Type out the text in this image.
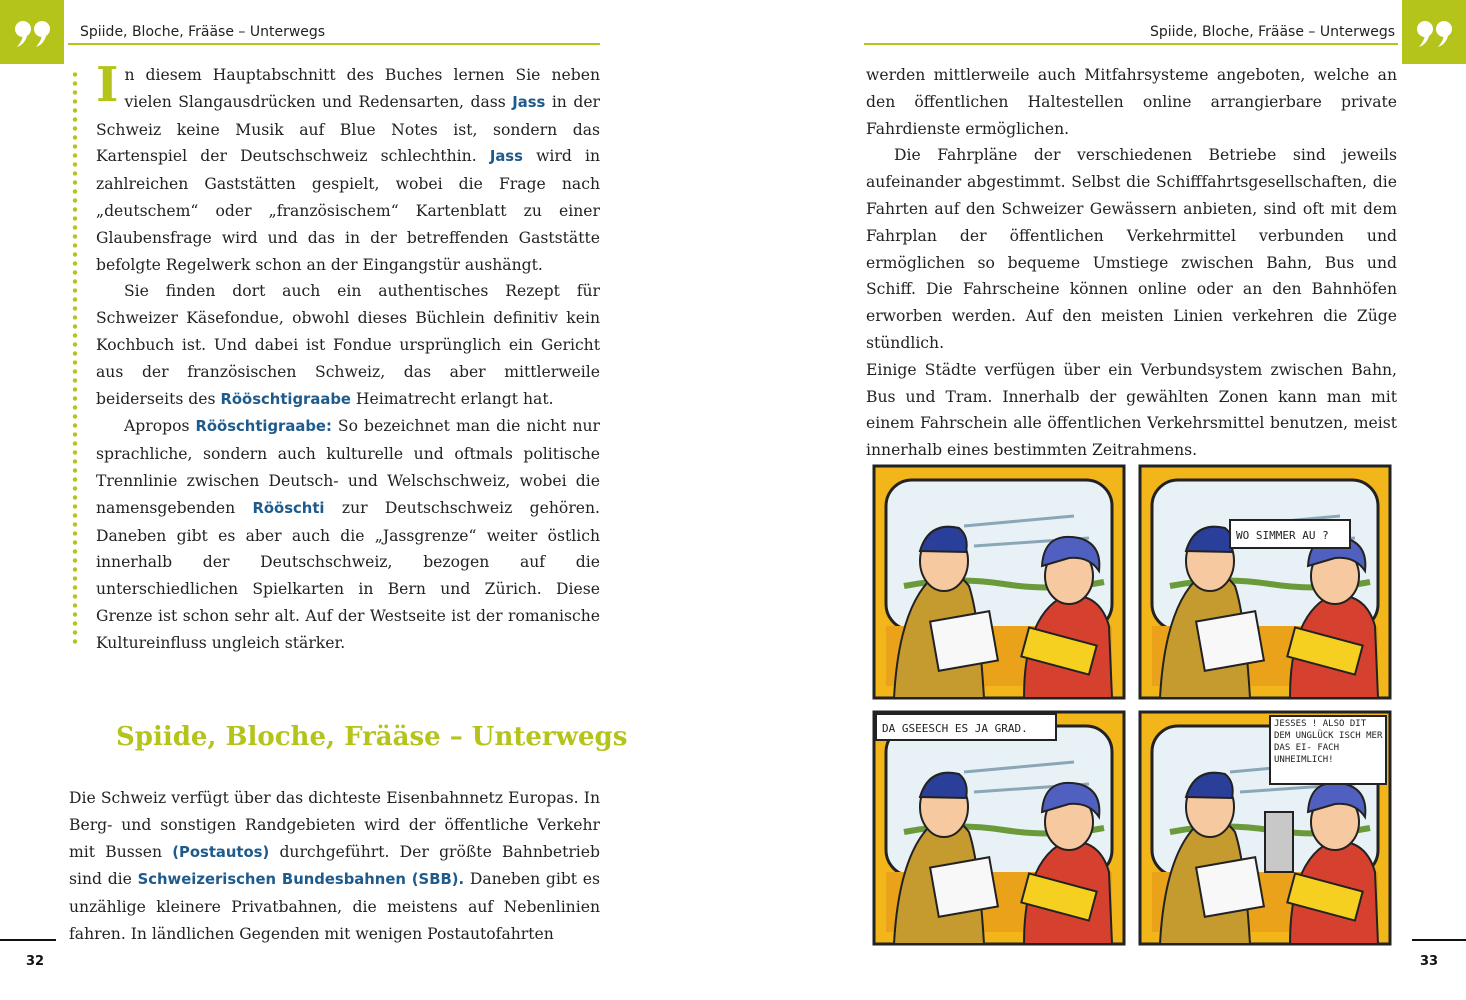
Spiide, Bloche, Frääse – Unterwegs	Spiide, Bloche, Frääse – Unterwegs

In diesem Hauptabschnitt des Buches lernen Sie neben vielen Slangausdrücken und Redensarten, dass Jass in der Schweiz keine Musik auf Blue Notes ist, sondern das Kartenspiel der Deutschschweiz schlechthin. Jass wird in zahlreichen Gaststätten gespielt, wobei die Frage nach „deutschem“ oder „französischem“ Kartenblatt zu einer Glaubensfrage wird und das in der betreffenden Gaststätte befolgte Regelwerk schon an der Eingangstür aushängt.

Sie finden dort auch ein authentisches Rezept für Schweizer Käsefondue, obwohl dieses Büchlein definitiv kein Kochbuch ist. Und dabei ist Fondue ursprünglich ein Gericht aus der französischen Schweiz, das aber mittlerweile beiderseits des Rööschtigraabe Heimatrecht erlangt hat.

Apropos Rööschtigraabe: So bezeichnet man die nicht nur sprachliche, sondern auch kulturelle und oftmals politische Trennlinie zwischen Deutsch- und Welschschweiz, wobei die namensgebenden Rööschti zur Deutschschweiz gehören. Daneben gibt es aber auch die „Jassgrenze“ weiter östlich innerhalb der Deutschschweiz, bezogen auf die unterschiedlichen Spielkarten in Bern und Zürich. Diese Grenze ist schon sehr alt. Auf der Westseite ist der romanische Kultureinfluss ungleich stärker.

Spiide, Bloche, Frääse – Unterwegs

Die Schweiz verfügt über das dichteste Eisenbahnnetz Europas. In Berg- und sonstigen Randgebieten wird der öffentliche Verkehr mit Bussen (Postautos) durchgeführt. Der größte Bahnbetrieb sind die Schweizerischen Bundesbahnen (SBB). Daneben gibt es unzählige kleinere Privatbahnen, die meistens auf Nebenlinien fahren. In ländlichen Gegenden mit wenigen Postautofahrten

werden mittlerweile auch Mitfahrsysteme angeboten, welche an den öffentlichen Haltestellen online arrangierbare private Fahrdienste ermöglichen.

Die Fahrpläne der verschiedenen Betriebe sind jeweils aufeinander abgestimmt. Selbst die Schifffahrtsgesellschaften, die Fahrten auf den Schweizer Gewässern anbieten, sind oft mit dem Fahrplan der öffentlichen Verkehrmittel verbunden und ermöglichen so bequeme Umstiege zwischen Bahn, Bus und Schiff. Die Fahrscheine können online oder an den Bahnhöfen erworben werden. Auf den meisten Linien verkehren die Züge stündlich.

Einige Städte verfügen über ein Verbundsystem zwischen Bahn, Bus und Tram. Innerhalb der gewählten Zonen kann man mit einem Fahrschein alle öffentlichen Verkehrsmittel benutzen, meist innerhalb eines bestimmten Zeitrahmens.

WO SIMMER AU ?
DA GSEESCH ES JA GRAD.	JESSES ! ALSO DIT DEM UNGLÜCK ISCH MER DAS EI- FACH UNHEIMLICH!
32	33
